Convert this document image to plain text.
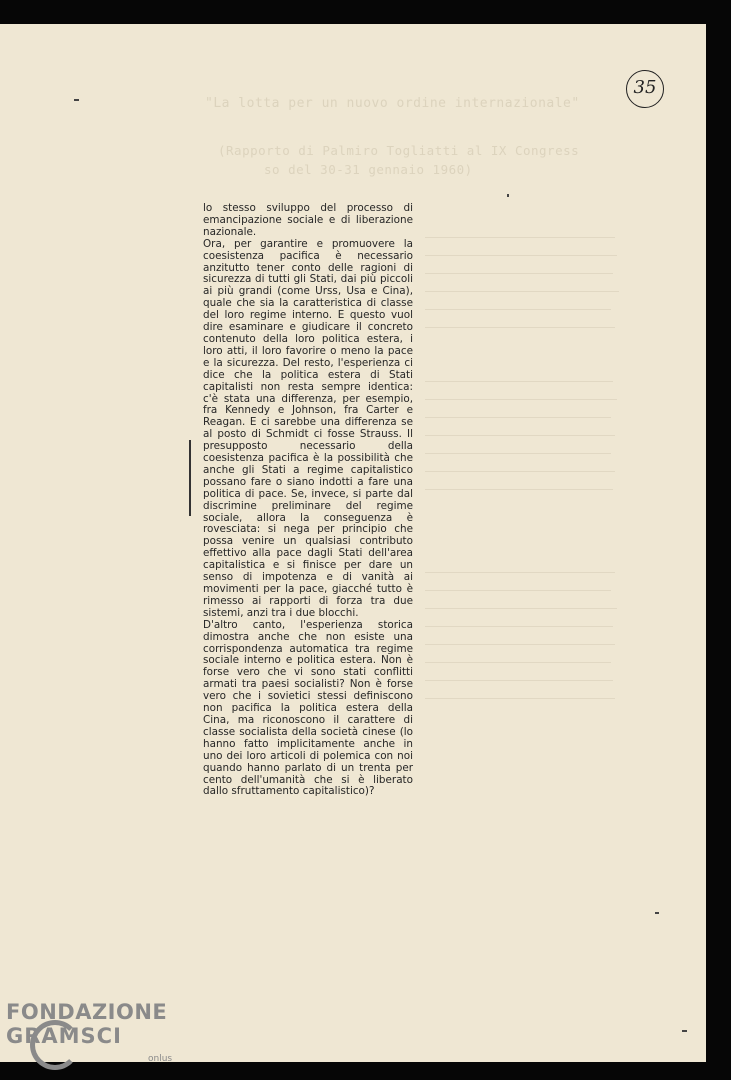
"La lotta per un nuovo ordine internazionale"
(Rapporto di Palmiro Togliatti al IX Congress
so del 30-31 gennaio 1960)
35

lo stesso sviluppo del processo di emancipazione sociale e di liberazione nazionale.

Ora, per garantire e promuovere la coesistenza pacifica è necessario anzitutto tener conto delle ragioni di sicurezza di tutti gli Stati, dai più piccoli ai più grandi (come Urss, Usa e Cina), quale che sia la caratteristica di classe del loro regime interno. E questo vuol dire esaminare e giudicare il concreto contenuto della loro politica estera, i loro atti, il loro favorire o meno la pace e la sicurezza. Del resto, l'esperienza ci dice che la politica estera di Stati capitalisti non resta sempre identica: c'è stata una differenza, per esempio, fra Kennedy e Johnson, fra Carter e Reagan. E ci sarebbe una differenza se al posto di Schmidt ci fosse Strauss. Il presupposto necessario della coesistenza pacifica è la possibilità che anche gli Stati a regime capitalistico possano fare o siano indotti a fare una politica di pace. Se, invece, si parte dal discrimine preliminare del regime sociale, allora la conseguenza è rovesciata: si nega per principio che possa venire un qualsiasi contributo effettivo alla pace dagli Stati dell'area capitalistica e si finisce per dare un senso di impotenza e di vanità ai movimenti per la pace, giacché tutto è rimesso ai rapporti di forza tra due sistemi, anzi tra i due blocchi.

D'altro canto, l'esperienza storica dimostra anche che non esiste una corrispondenza automatica tra regime sociale interno e politica estera. Non è forse vero che vi sono stati conflitti armati tra paesi socialisti? Non è forse vero che i sovietici stessi definiscono non pacifica la politica estera della Cina, ma riconoscono il carattere di classe socialista della società cinese (lo hanno fatto implicitamente anche in uno dei loro articoli di polemica con noi quando hanno parlato di un trenta per cento dell'umanità che si è liberato dallo sfruttamento capitalistico)?

FONDAZIONE
GRAMSCI
onlus
